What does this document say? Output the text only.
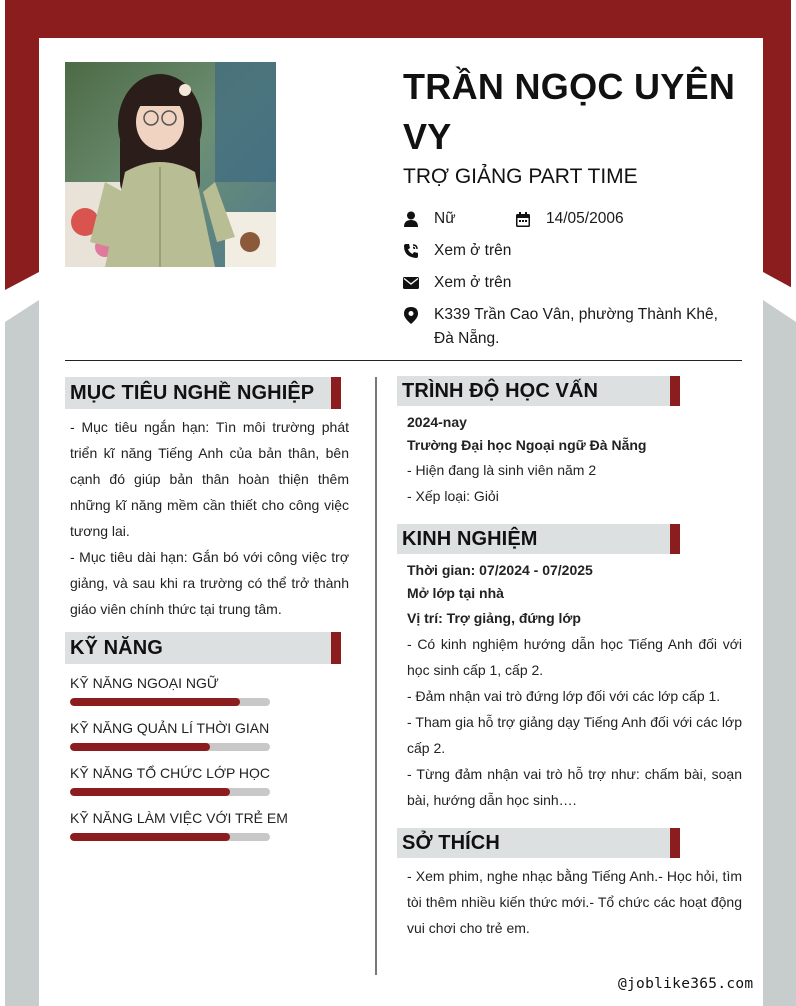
TRẦN NGỌC UYÊN VY
TRỢ GIẢNG PART TIME
Nữ	14/05/2006
Xem ở trên
Xem ở trên
K339 Trần Cao Vân, phường Thành Khê, Đà Nẵng.
MỤC TIÊU NGHỀ NGHIỆP

- Mục tiêu ngắn hạn: Tìn môi trường phát triển kĩ năng Tiếng Anh của bản thân, bên cạnh đó giúp bản thân hoàn thiện thêm những kĩ năng mềm cần thiết cho công việc tương lai.

- Mục tiêu dài hạn: Gắn bó với công việc trợ giảng, và sau khi ra trường có thể trở thành giáo viên chính thức tại trung tâm.

KỸ NĂNG
KỸ NĂNG NGOẠI NGỮ
KỸ NĂNG QUẢN LÍ THỜI GIAN
KỸ NĂNG TỔ CHỨC LỚP HỌC
KỸ NĂNG LÀM VIỆC VỚI TRẺ EM
TRÌNH ĐỘ HỌC VẤN
2024-nay
Trường Đại học Ngoại ngữ Đà Nẵng
- Hiện đang là sinh viên năm 2
- Xếp loại: Giỏi
KINH NGHIỆM
Thời gian: 07/2024 - 07/2025
Mở lớp tại nhà
Vị trí: Trợ giảng, đứng lớp

- Có kinh nghiệm hướng dẫn học Tiếng Anh đối với học sinh cấp 1, cấp 2.

- Đảm nhận vai trò đứng lớp đối với các lớp cấp 1.

- Tham gia hỗ trợ giảng dạy Tiếng Anh đối với các lớp cấp 2.

- Từng đảm nhận vai trò hỗ trợ như: chấm bài, soạn bài, hướng dẫn học sinh….

SỞ THÍCH

- Xem phim, nghe nhạc bằng Tiếng Anh.- Học hỏi, tìm tòi thêm nhiều kiến thức mới.- Tổ chức các hoạt động vui chơi cho trẻ em.

@joblike365.com
